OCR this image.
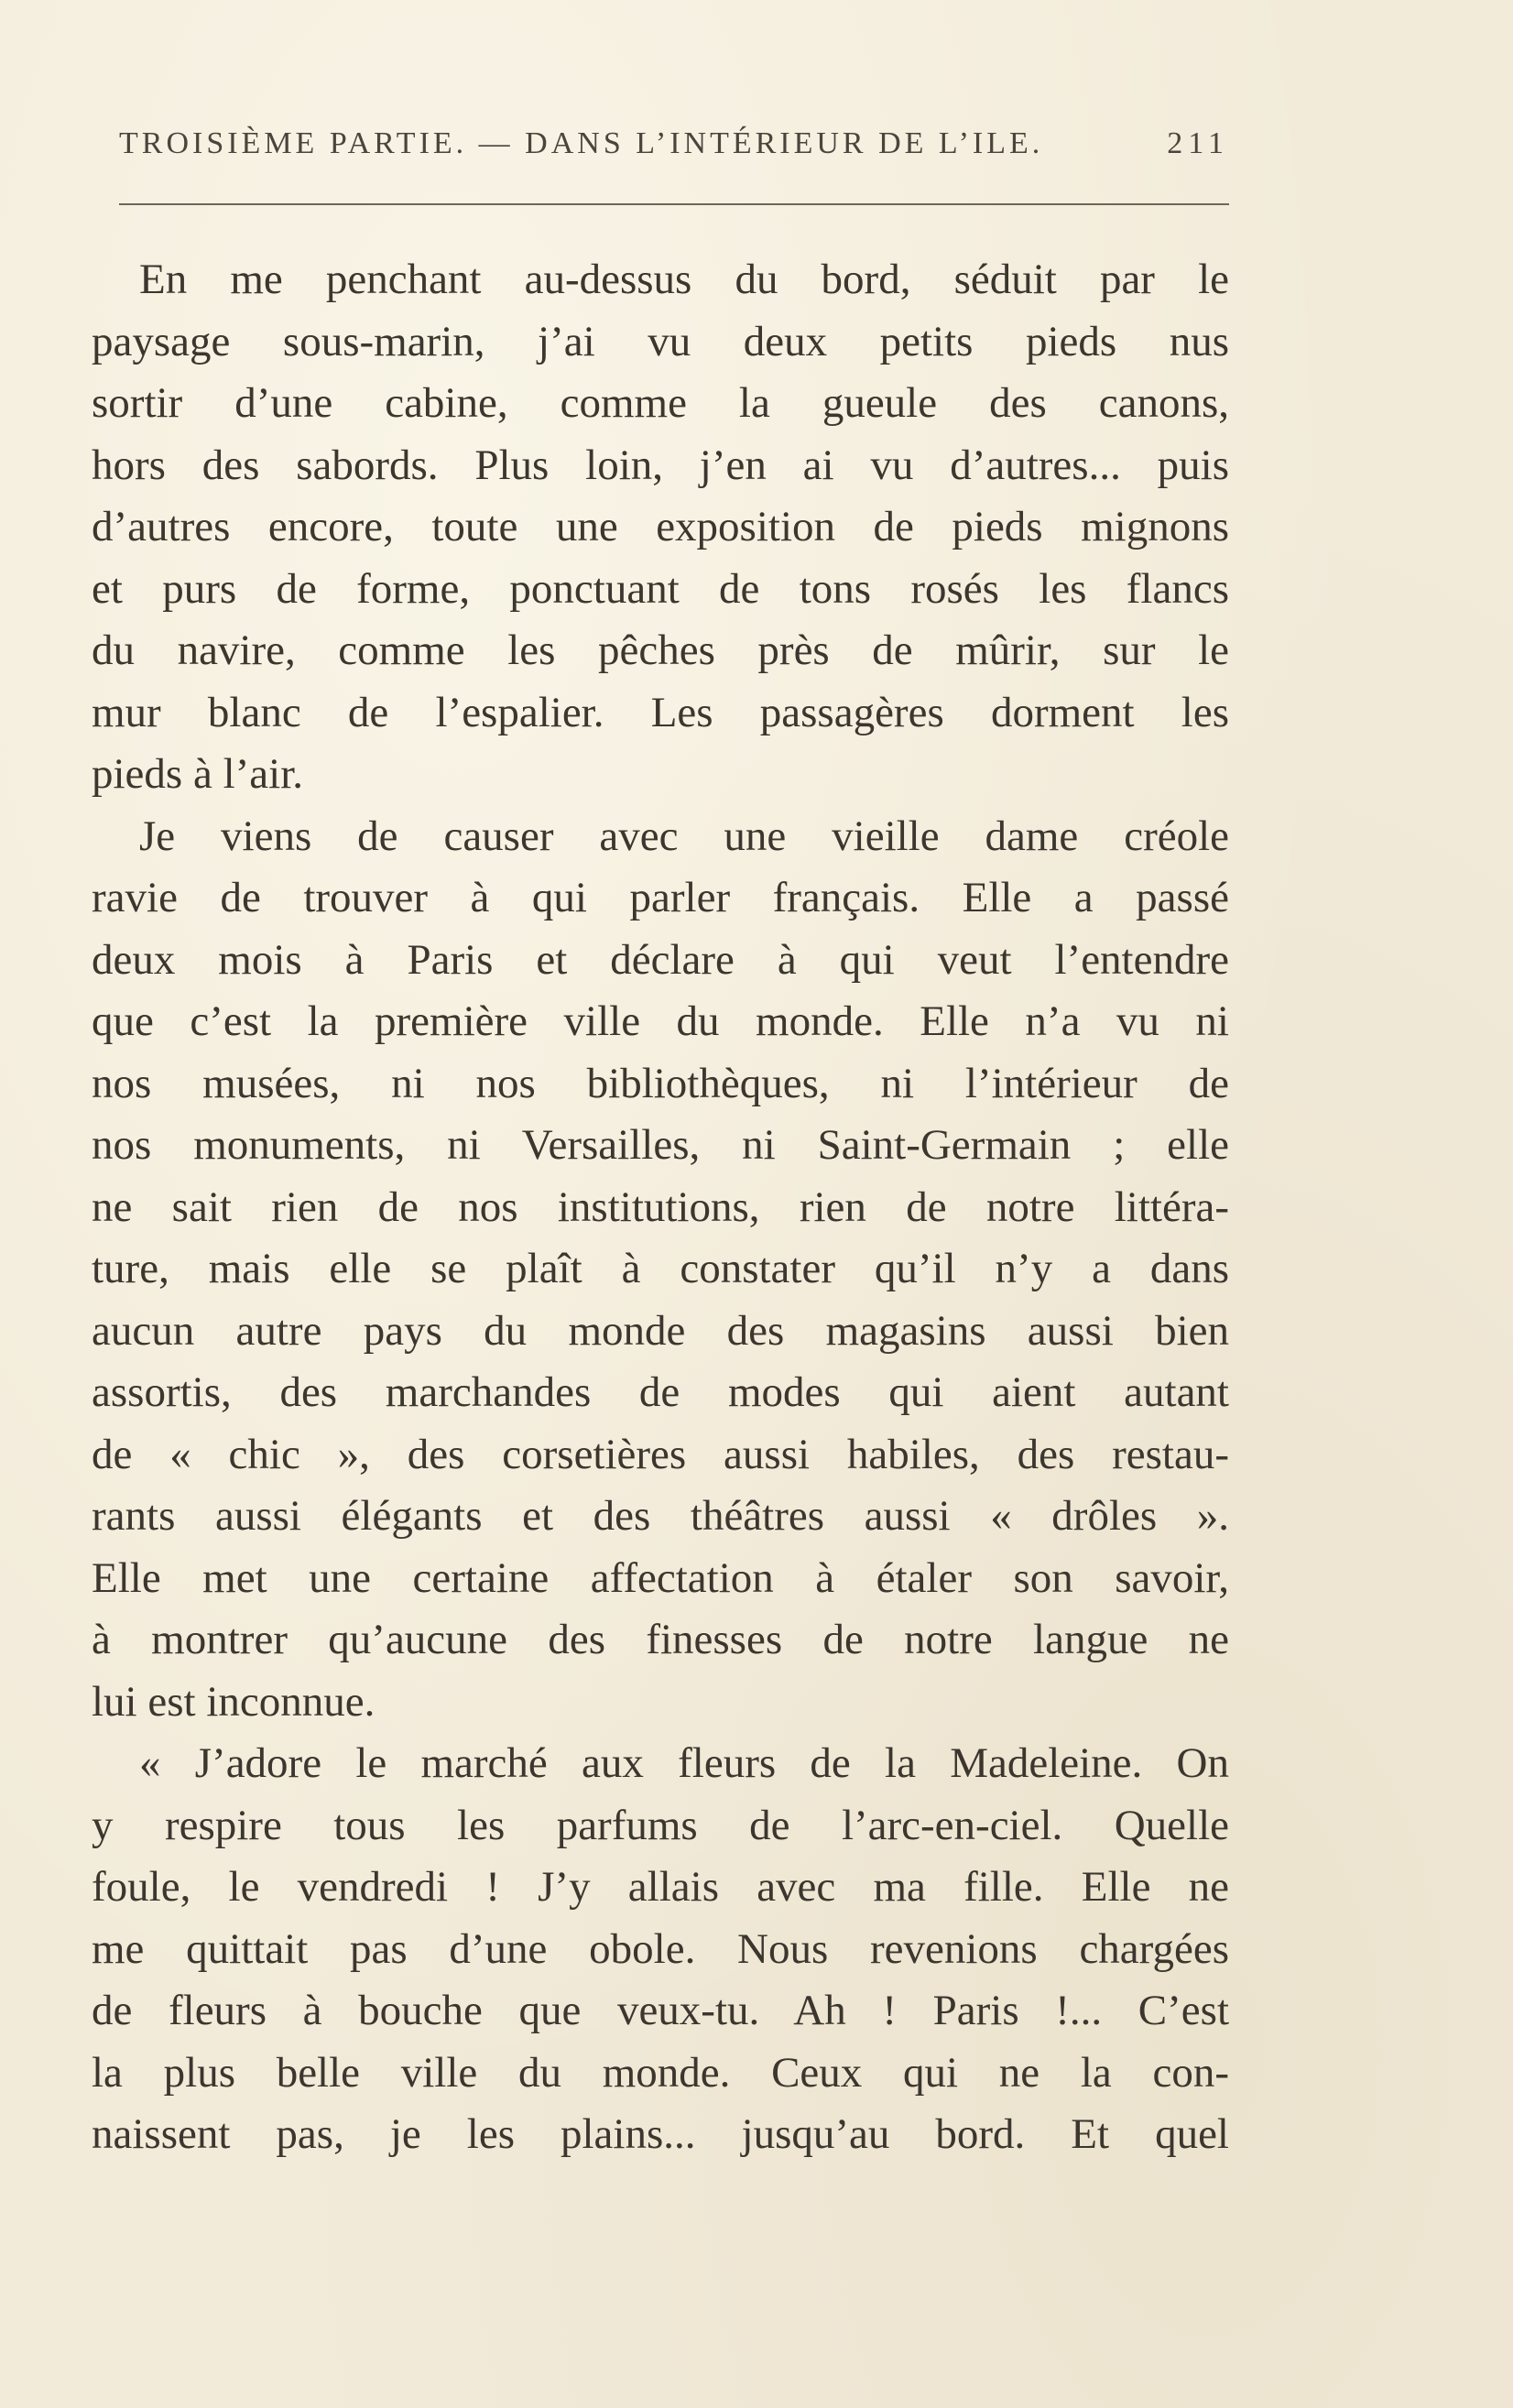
TROISIÈME PARTIE. — DANS L’INTÉRIEUR DE L’ILE.	211
En me penchant au-dessus du bord, séduit par le
paysage sous-marin, j’ai vu deux petits pieds nus
sortir d’une cabine, comme la gueule des canons,
hors des sabords. Plus loin, j’en ai vu d’autres... puis
d’autres encore, toute une exposition de pieds mignons
et purs de forme, ponctuant de tons rosés les flancs
du navire, comme les pêches près de mûrir, sur le
mur blanc de l’espalier. Les passagères dorment les
pieds à l’air.
Je viens de causer avec une vieille dame créole
ravie de trouver à qui parler français. Elle a passé
deux mois à Paris et déclare à qui veut l’entendre
que c’est la première ville du monde. Elle n’a vu ni
nos musées, ni nos bibliothèques, ni l’intérieur de
nos monuments, ni Versailles, ni Saint-Germain ; elle
ne sait rien de nos institutions, rien de notre littéra-
ture, mais elle se plaît à constater qu’il n’y a dans
aucun autre pays du monde des magasins aussi bien
assortis, des marchandes de modes qui aient autant
de « chic », des corsetières aussi habiles, des restau-
rants aussi élégants et des théâtres aussi « drôles ».
Elle met une certaine affectation à étaler son savoir,
à montrer qu’aucune des finesses de notre langue ne
lui est inconnue.
« J’adore le marché aux fleurs de la Madeleine. On
y respire tous les parfums de l’arc-en-ciel. Quelle
foule, le vendredi ! J’y allais avec ma fille. Elle ne
me quittait pas d’une obole. Nous revenions chargées
de fleurs à bouche que veux-tu. Ah ! Paris !... C’est
la plus belle ville du monde. Ceux qui ne la con-
naissent pas, je les plains... jusqu’au bord. Et quel
